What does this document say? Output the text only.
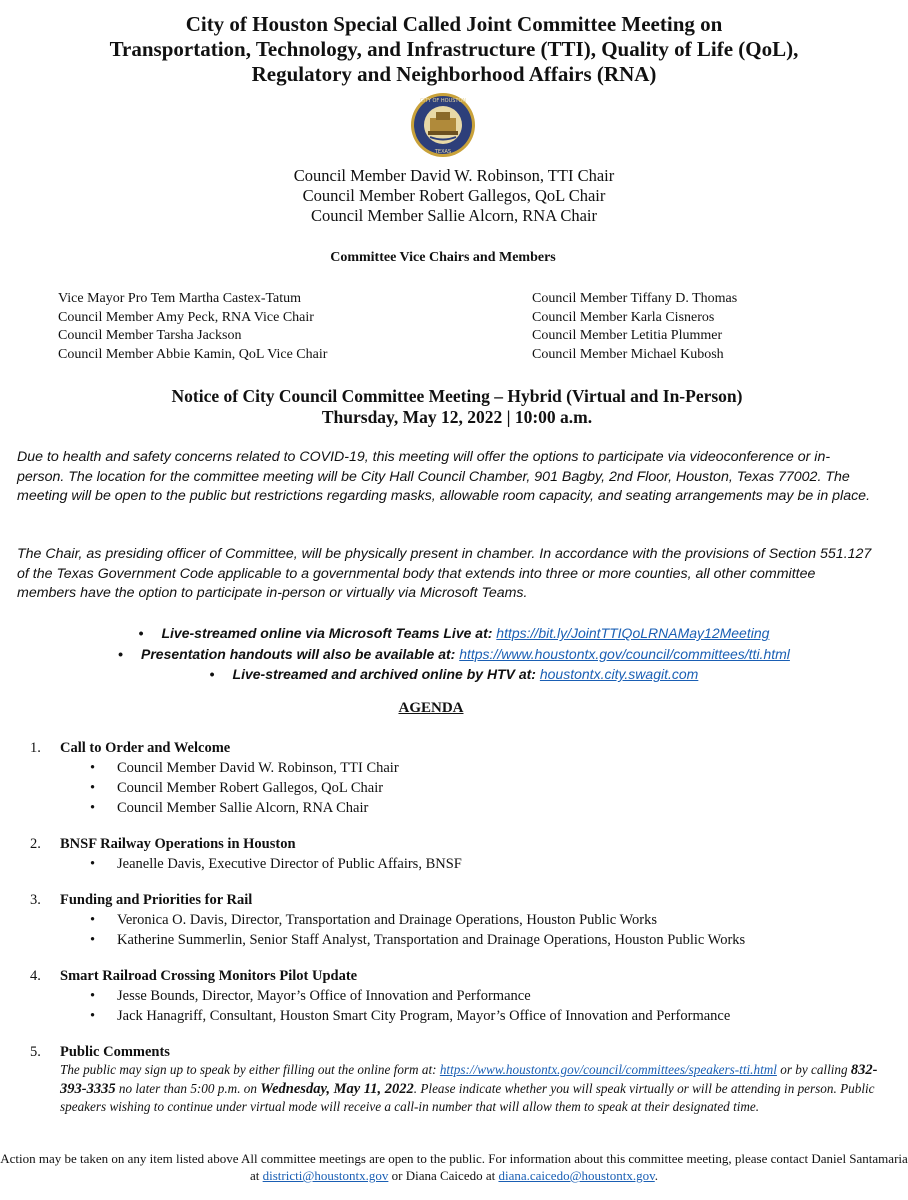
City of Houston Special Called Joint Committee Meeting on
Transportation, Technology, and Infrastructure (TTI), Quality of Life (QoL),
Regulatory and Neighborhood Affairs (RNA)
CITY OF HOUSTON
TEXAS
Council Member David W. Robinson, TTI Chair
Council Member Robert Gallegos, QoL Chair
Council Member Sallie Alcorn, RNA Chair
Committee Vice Chairs and Members
Vice Mayor Pro Tem Martha Castex-Tatum
Council Member Amy Peck, RNA Vice Chair
Council Member Tarsha Jackson
Council Member Abbie Kamin, QoL Vice Chair
Council Member Tiffany D. Thomas
Council Member Karla Cisneros
Council Member Letitia Plummer
Council Member Michael Kubosh
Notice of City Council Committee Meeting – Hybrid (Virtual and In-Person)
Thursday, May 12, 2022 | 10:00 a.m.
Due to health and safety concerns related to COVID-19, this meeting will offer the options to participate via videoconference or in-person. The location for the committee meeting will be City Hall Council Chamber, 901 Bagby, 2nd Floor, Houston, Texas 77002. The meeting will be open to the public but restrictions regarding masks, allowable room capacity, and seating arrangements may be in place.
The Chair, as presiding officer of Committee, will be physically present in chamber. In accordance with the provisions of Section 551.127 of the Texas Government Code applicable to a governmental body that extends into three or more counties, all other committee members have the option to participate in-person or virtually via Microsoft Teams.
• Live-streamed online via Microsoft Teams Live at: https://bit.ly/JointTTIQoLRNAMay12Meeting
• Presentation handouts will also be available at: https://www.houstontx.gov/council/committees/tti.html
• Live-streamed and archived online by HTV at: houstontx.city.swagit.com
AGENDA
1.	Call to Order and Welcome
•	Council Member David W. Robinson, TTI Chair
•	Council Member Robert Gallegos, QoL Chair
•	Council Member Sallie Alcorn, RNA Chair
2.	BNSF Railway Operations in Houston
•	Jeanelle Davis, Executive Director of Public Affairs, BNSF
3.	Funding and Priorities for Rail
•	Veronica O. Davis, Director, Transportation and Drainage Operations, Houston Public Works
•	Katherine Summerlin, Senior Staff Analyst, Transportation and Drainage Operations, Houston Public Works
4.	Smart Railroad Crossing Monitors Pilot Update
•	Jesse Bounds, Director, Mayor’s Office of Innovation and Performance
•	Jack Hanagriff, Consultant, Houston Smart City Program, Mayor’s Office of Innovation and Performance
5.	Public Comments
The public may sign up to speak by either filling out the online form at: https://www.houstontx.gov/council/committees/speakers-tti.html or by calling 832-393-3335 no later than 5:00 p.m. on Wednesday, May 11, 2022. Please indicate whether you will speak virtually or will be attending in person. Public speakers wishing to continue under virtual mode will receive a call-in number that will allow them to speak at their designated time.
Action may be taken on any item listed above All committee meetings are open to the public. For information about this committee meeting, please contact Daniel Santamaria at districti@houstontx.gov or Diana Caicedo at diana.caicedo@houstontx.gov.
